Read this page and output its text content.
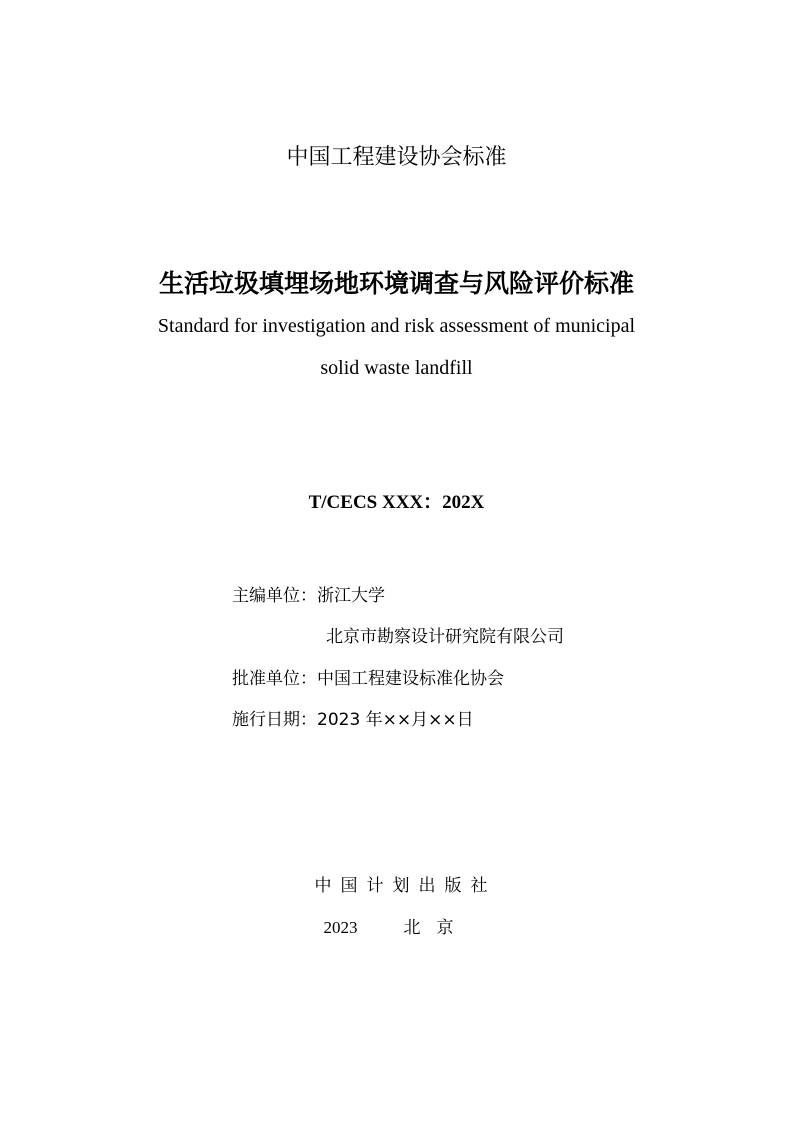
中国工程建设协会标准
生活垃圾填埋场地环境调查与风险评价标准
Standard for investigation and risk assessment of municipal
solid waste landfill
T/CECS XXX：202X
主编单位：浙江大学
北京市勘察设计研究院有限公司
批准单位：中国工程建设标准化协会
施行日期：2023 年××月××日
中国计划出版社
2023	北京
